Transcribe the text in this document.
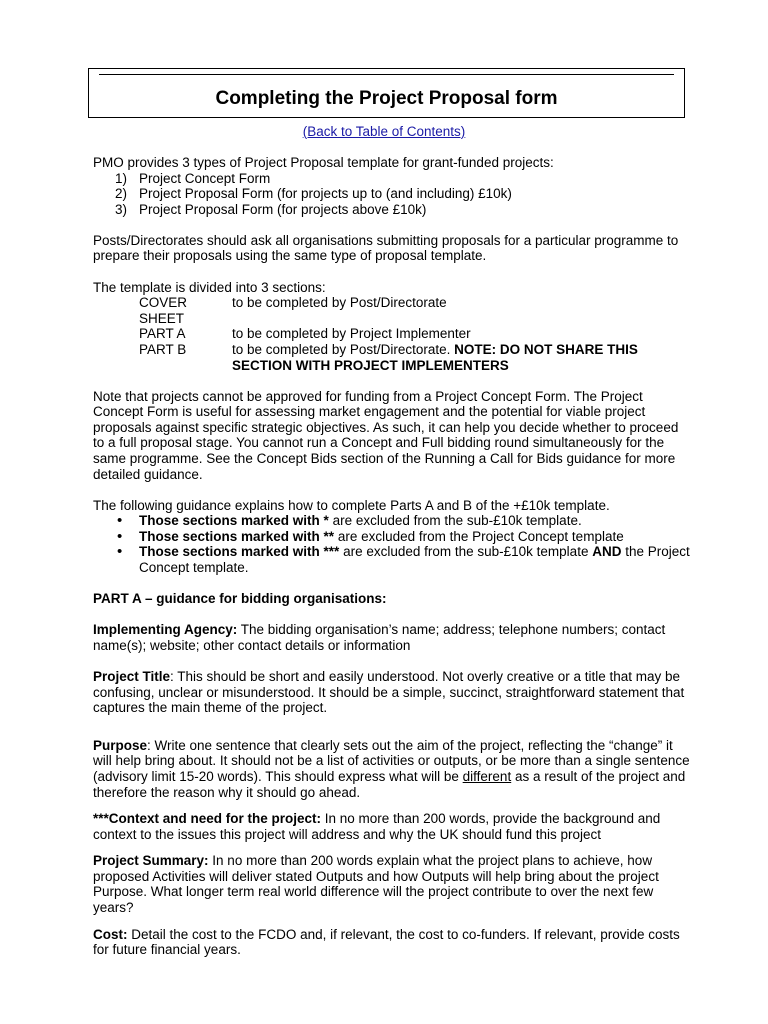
Completing the Project Proposal form
(Back to Table of Contents)

PMO provides 3 types of Project Proposal template for grant-funded projects:

Project Concept Form
Project Proposal Form (for projects up to (and including) £10k)
Project Proposal Form (for projects above £10k)

Posts/Directorates should ask all organisations submitting proposals for a particular programme to prepare their proposals using the same type of proposal template.

The template is divided into 3 sections:

COVER SHEET
to be completed by Post/Directorate
PART A	to be completed by Project Implementer
PART B	to be completed by Post/Directorate. NOTE: DO NOT SHARE THIS SECTION WITH PROJECT IMPLEMENTERS

Note that projects cannot be approved for funding from a Project Concept Form. The Project Concept Form is useful for assessing market engagement and the potential for viable project proposals against specific strategic objectives. As such, it can help you decide whether to proceed to a full proposal stage. You cannot run a Concept and Full bidding round simultaneously for the same programme. See the Concept Bids section of the Running a Call for Bids guidance for more detailed guidance.

The following guidance explains how to complete Parts A and B of the +£10k template.

• Those sections marked with * are excluded from the sub-£10k template.
• Those sections marked with ** are excluded from the Project Concept template
• Those sections marked with *** are excluded from the sub-£10k template AND the Project Concept template.

PART A – guidance for bidding organisations:

Implementing Agency: The bidding organisation’s name; address; telephone numbers; contact name(s); website; other contact details or information

Project Title: This should be short and easily understood. Not overly creative or a title that may be confusing, unclear or misunderstood. It should be a simple, succinct, straightforward statement that captures the main theme of the project.

Purpose: Write one sentence that clearly sets out the aim of the project, reflecting the “change” it will help bring about. It should not be a list of activities or outputs, or be more than a single sentence (advisory limit 15-20 words). This should express what will be different as a result of the project and therefore the reason why it should go ahead.

***Context and need for the project: In no more than 200 words, provide the background and context to the issues this project will address and why the UK should fund this project

Project Summary: In no more than 200 words explain what the project plans to achieve, how proposed Activities will deliver stated Outputs and how Outputs will help bring about the project Purpose. What longer term real world difference will the project contribute to over the next few years?

Cost: Detail the cost to the FCDO and, if relevant, the cost to co-funders. If relevant, provide costs for future financial years.
